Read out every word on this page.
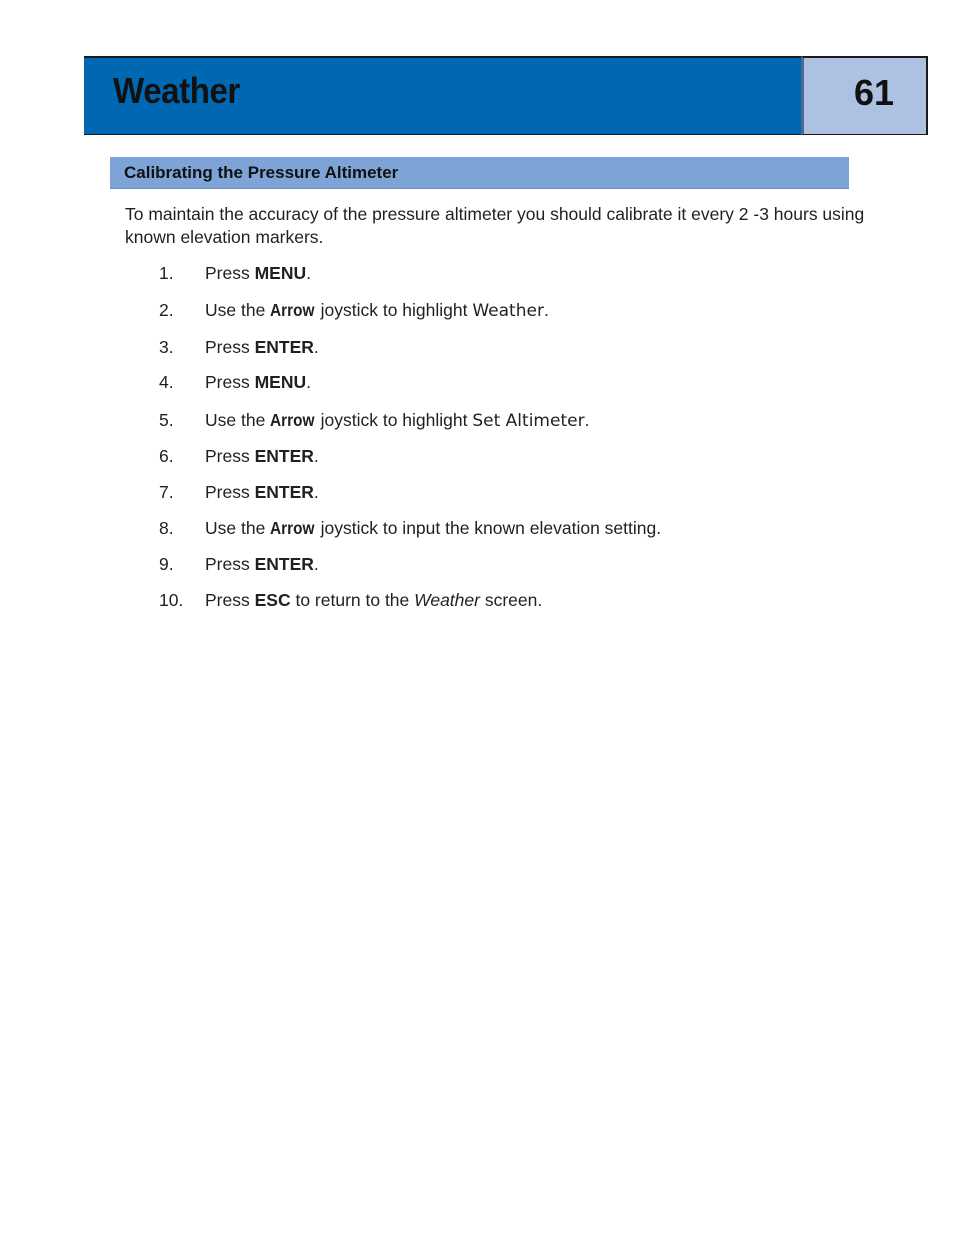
Weather	61
Calibrating the Pressure Altimeter

To maintain the accuracy of the pressure altimeter you should calibrate it every 2 -3 hours using known elevation markers.

1.	Press MENU.
2.	Use the Arrow joystick to highlight Weather.
3.	Press ENTER.
4.	Press MENU.
5.	Use the Arrow joystick to highlight Set Altimeter.
6.	Press ENTER.
7.	Press ENTER.
8.	Use the Arrow joystick to input the known elevation setting.
9.	Press ENTER.
10.	Press ESC to return to the Weather screen.
